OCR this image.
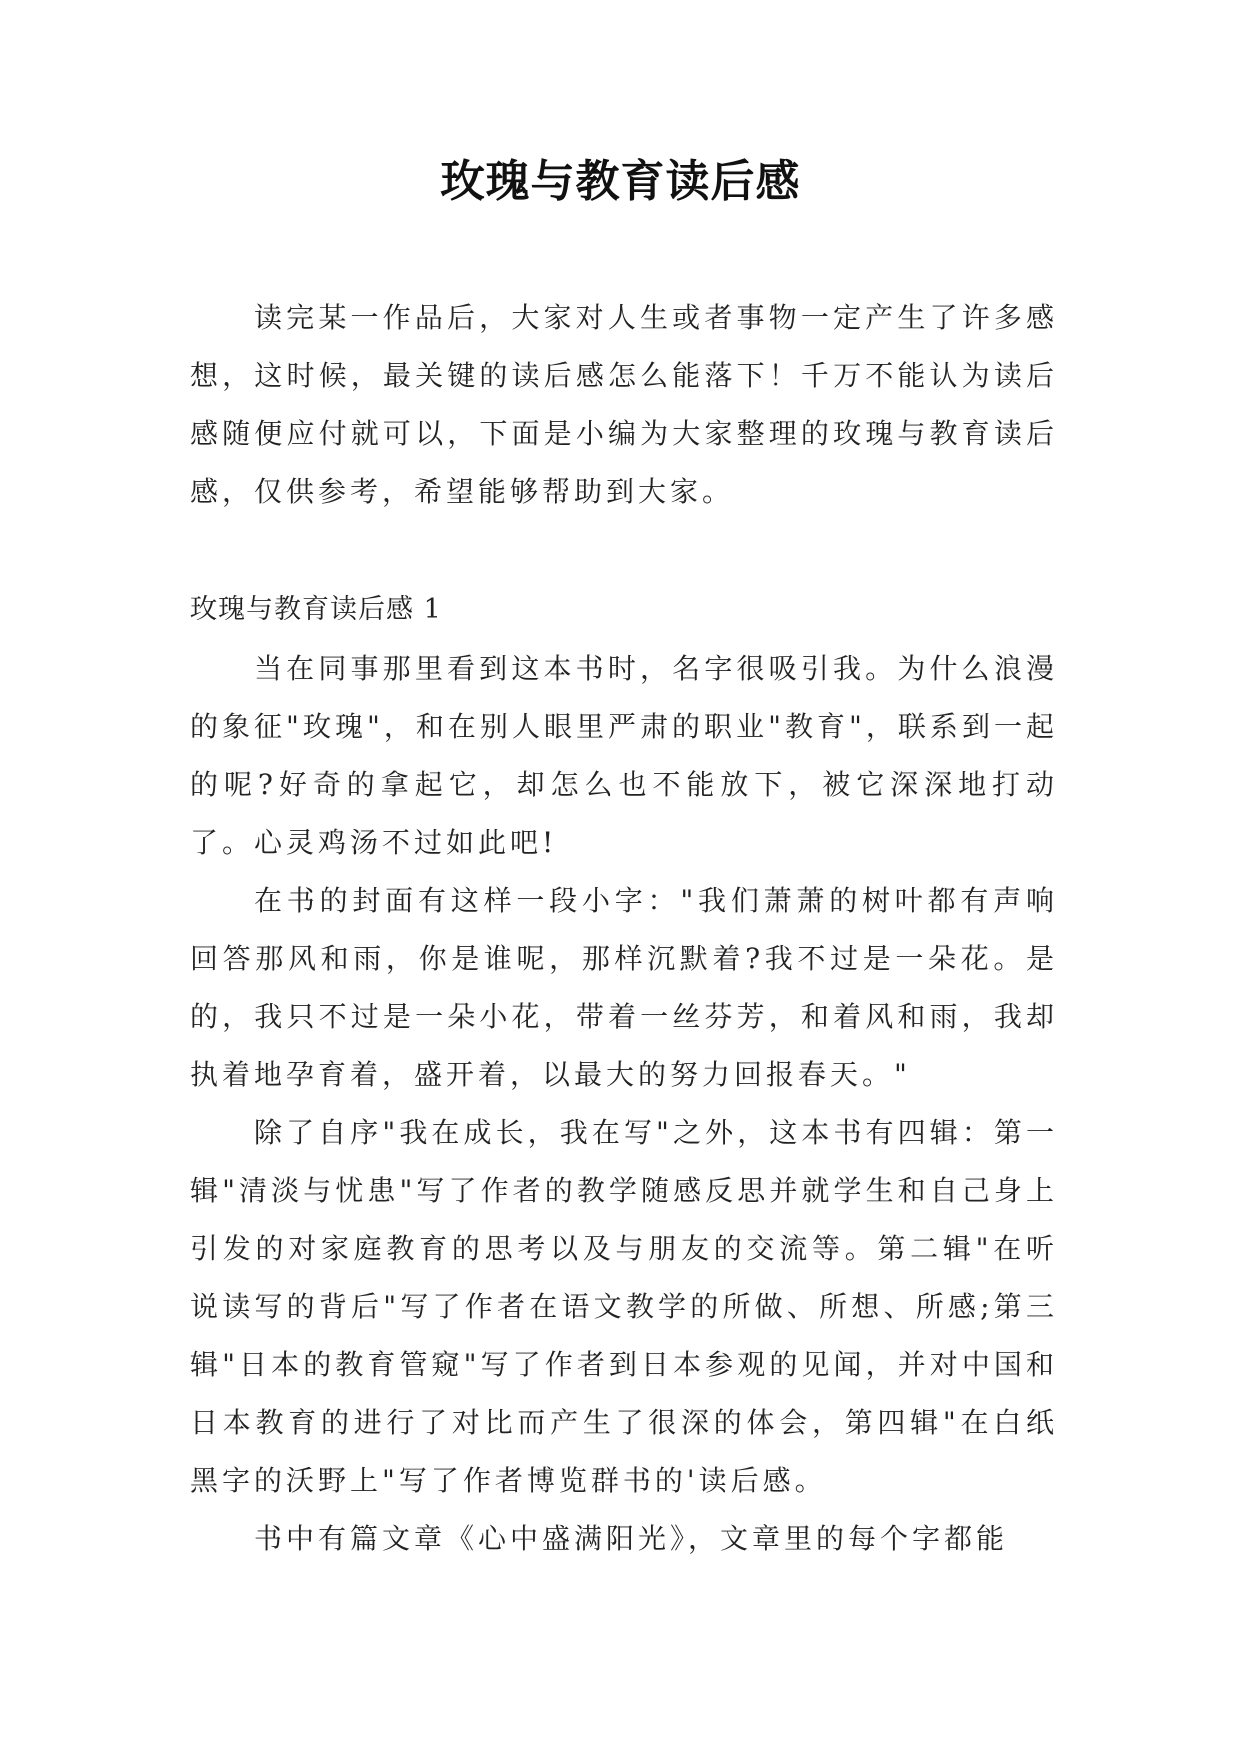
玫瑰与教育读后感

读完某一作品后，大家对人生或者事物一定产生了许多感想，这时候，最关键的读后感怎么能落下！千万不能认为读后感随便应付就可以，下面是小编为大家整理的玫瑰与教育读后感，仅供参考，希望能够帮助到大家。

玫瑰与教育读后感 1

当在同事那里看到这本书时，名字很吸引我。为什么浪漫的象征"玫瑰"，和在别人眼里严肃的职业"教育"，联系到一起的呢?好奇的拿起它，却怎么也不能放下，被它深深地打动了。心灵鸡汤不过如此吧!

在书的封面有这样一段小字："我们萧萧的树叶都有声响回答那风和雨，你是谁呢，那样沉默着?我不过是一朵花。是的，我只不过是一朵小花，带着一丝芬芳，和着风和雨，我却执着地孕育着，盛开着，以最大的努力回报春天。"

除了自序"我在成长，我在写"之外，这本书有四辑：第一辑"清淡与忧患"写了作者的教学随感反思并就学生和自己身上引发的对家庭教育的思考以及与朋友的交流等。第二辑"在听说读写的背后"写了作者在语文教学的所做、所想、所感;第三辑"日本的教育管窥"写了作者到日本参观的见闻，并对中国和日本教育的进行了对比而产生了很深的体会，第四辑"在白纸黑字的沃野上"写了作者博览群书的'读后感。

书中有篇文章《心中盛满阳光》，文章里的每个字都能
